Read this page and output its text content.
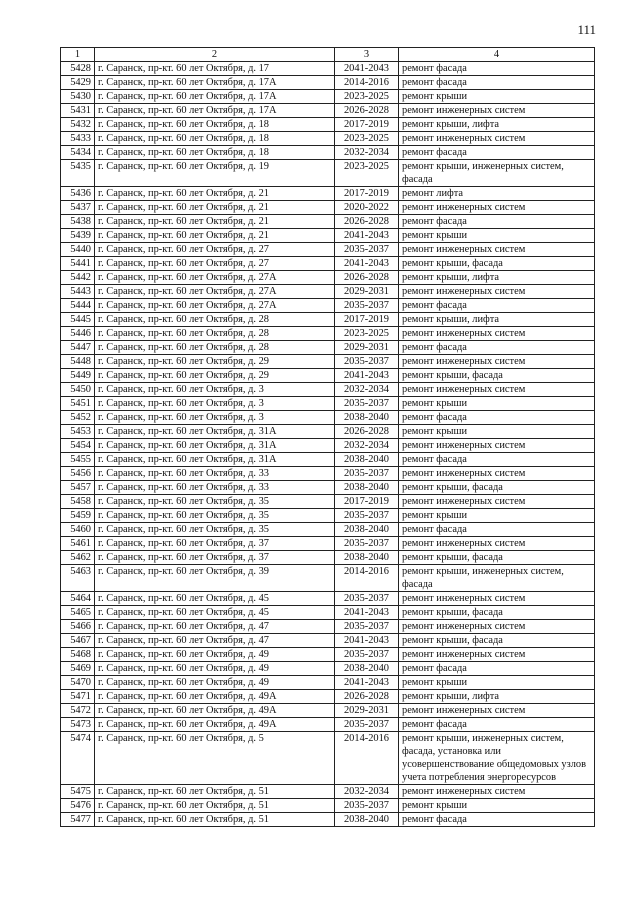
111
1	2	3	4
5428	г. Саранск, пр-кт. 60 лет Октября, д. 17	2041-2043	ремонт фасада
5429	г. Саранск, пр-кт. 60 лет Октября, д. 17А	2014-2016	ремонт фасада
5430	г. Саранск, пр-кт. 60 лет Октября, д. 17А	2023-2025	ремонт крыши
5431	г. Саранск, пр-кт. 60 лет Октября, д. 17А	2026-2028	ремонт инженерных систем
5432	г. Саранск, пр-кт. 60 лет Октября, д. 18	2017-2019	ремонт крыши, лифта
5433	г. Саранск, пр-кт. 60 лет Октября, д. 18	2023-2025	ремонт инженерных систем
5434	г. Саранск, пр-кт. 60 лет Октября, д. 18	2032-2034	ремонт фасада
5435	г. Саранск, пр-кт. 60 лет Октября, д. 19	2023-2025	ремонт крыши, инженерных систем, фасада
5436	г. Саранск, пр-кт. 60 лет Октября, д. 21	2017-2019	ремонт лифта
5437	г. Саранск, пр-кт. 60 лет Октября, д. 21	2020-2022	ремонт инженерных систем
5438	г. Саранск, пр-кт. 60 лет Октября, д. 21	2026-2028	ремонт фасада
5439	г. Саранск, пр-кт. 60 лет Октября, д. 21	2041-2043	ремонт крыши
5440	г. Саранск, пр-кт. 60 лет Октября, д. 27	2035-2037	ремонт инженерных систем
5441	г. Саранск, пр-кт. 60 лет Октября, д. 27	2041-2043	ремонт крыши, фасада
5442	г. Саранск, пр-кт. 60 лет Октября, д. 27А	2026-2028	ремонт крыши, лифта
5443	г. Саранск, пр-кт. 60 лет Октября, д. 27А	2029-2031	ремонт инженерных систем
5444	г. Саранск, пр-кт. 60 лет Октября, д. 27А	2035-2037	ремонт фасада
5445	г. Саранск, пр-кт. 60 лет Октября, д. 28	2017-2019	ремонт крыши, лифта
5446	г. Саранск, пр-кт. 60 лет Октября, д. 28	2023-2025	ремонт инженерных систем
5447	г. Саранск, пр-кт. 60 лет Октября, д. 28	2029-2031	ремонт фасада
5448	г. Саранск, пр-кт. 60 лет Октября, д. 29	2035-2037	ремонт инженерных систем
5449	г. Саранск, пр-кт. 60 лет Октября, д. 29	2041-2043	ремонт крыши, фасада
5450	г. Саранск, пр-кт. 60 лет Октября, д. 3	2032-2034	ремонт инженерных систем
5451	г. Саранск, пр-кт. 60 лет Октября, д. 3	2035-2037	ремонт крыши
5452	г. Саранск, пр-кт. 60 лет Октября, д. 3	2038-2040	ремонт фасада
5453	г. Саранск, пр-кт. 60 лет Октября, д. 31А	2026-2028	ремонт крыши
5454	г. Саранск, пр-кт. 60 лет Октября, д. 31А	2032-2034	ремонт инженерных систем
5455	г. Саранск, пр-кт. 60 лет Октября, д. 31А	2038-2040	ремонт фасада
5456	г. Саранск, пр-кт. 60 лет Октября, д. 33	2035-2037	ремонт инженерных систем
5457	г. Саранск, пр-кт. 60 лет Октября, д. 33	2038-2040	ремонт крыши, фасада
5458	г. Саранск, пр-кт. 60 лет Октября, д. 35	2017-2019	ремонт инженерных систем
5459	г. Саранск, пр-кт. 60 лет Октября, д. 35	2035-2037	ремонт крыши
5460	г. Саранск, пр-кт. 60 лет Октября, д. 35	2038-2040	ремонт фасада
5461	г. Саранск, пр-кт. 60 лет Октября, д. 37	2035-2037	ремонт инженерных систем
5462	г. Саранск, пр-кт. 60 лет Октября, д. 37	2038-2040	ремонт крыши, фасада
5463	г. Саранск, пр-кт. 60 лет Октября, д. 39	2014-2016	ремонт крыши, инженерных систем, фасада
5464	г. Саранск, пр-кт. 60 лет Октября, д. 45	2035-2037	ремонт инженерных систем
5465	г. Саранск, пр-кт. 60 лет Октября, д. 45	2041-2043	ремонт крыши, фасада
5466	г. Саранск, пр-кт. 60 лет Октября, д. 47	2035-2037	ремонт инженерных систем
5467	г. Саранск, пр-кт. 60 лет Октября, д. 47	2041-2043	ремонт крыши, фасада
5468	г. Саранск, пр-кт. 60 лет Октября, д. 49	2035-2037	ремонт инженерных систем
5469	г. Саранск, пр-кт. 60 лет Октября, д. 49	2038-2040	ремонт фасада
5470	г. Саранск, пр-кт. 60 лет Октября, д. 49	2041-2043	ремонт крыши
5471	г. Саранск, пр-кт. 60 лет Октября, д. 49А	2026-2028	ремонт крыши, лифта
5472	г. Саранск, пр-кт. 60 лет Октября, д. 49А	2029-2031	ремонт инженерных систем
5473	г. Саранск, пр-кт. 60 лет Октября, д. 49А	2035-2037	ремонт фасада
5474	г. Саранск, пр-кт. 60 лет Октября, д. 5	2014-2016	ремонт крыши, инженерных систем, фасада, установка или усовершенствование общедомовых узлов учета потребления энергоресурсов
5475	г. Саранск, пр-кт. 60 лет Октября, д. 51	2032-2034	ремонт инженерных систем
5476	г. Саранск, пр-кт. 60 лет Октября, д. 51	2035-2037	ремонт крыши
5477	г. Саранск, пр-кт. 60 лет Октября, д. 51	2038-2040	ремонт фасада
